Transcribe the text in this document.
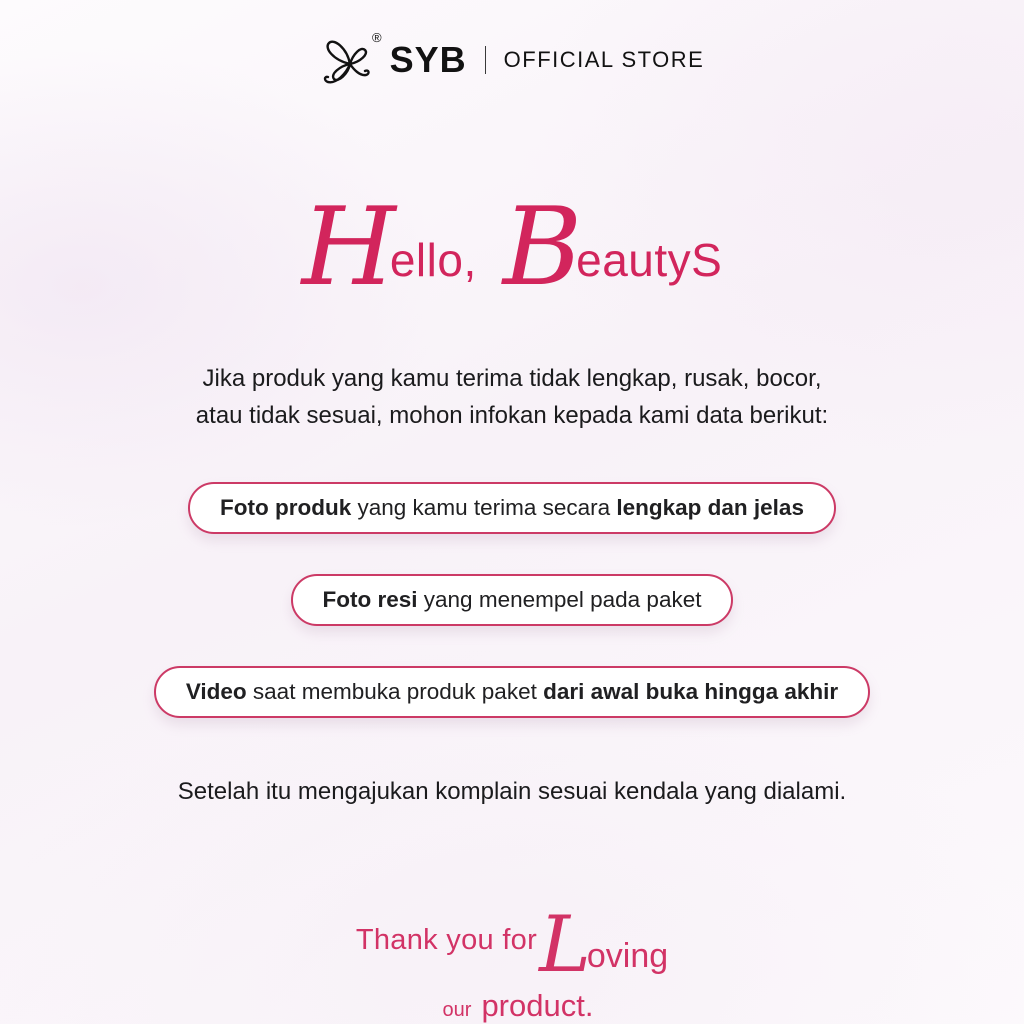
®
SYB OFFICIAL STORE
H ello, B eautyS
Jika produk yang kamu terima tidak lengkap, rusak, bocor,
atau tidak sesuai, mohon infokan kepada kami data berikut:
Foto produk yang kamu terima secara lengkap dan jelas
Foto resi yang menempel pada paket
Video saat membuka produk paket dari awal buka hingga akhir
Setelah itu mengajukan komplain sesuai kendala yang dialami.
Thank you for L oving
our product.
